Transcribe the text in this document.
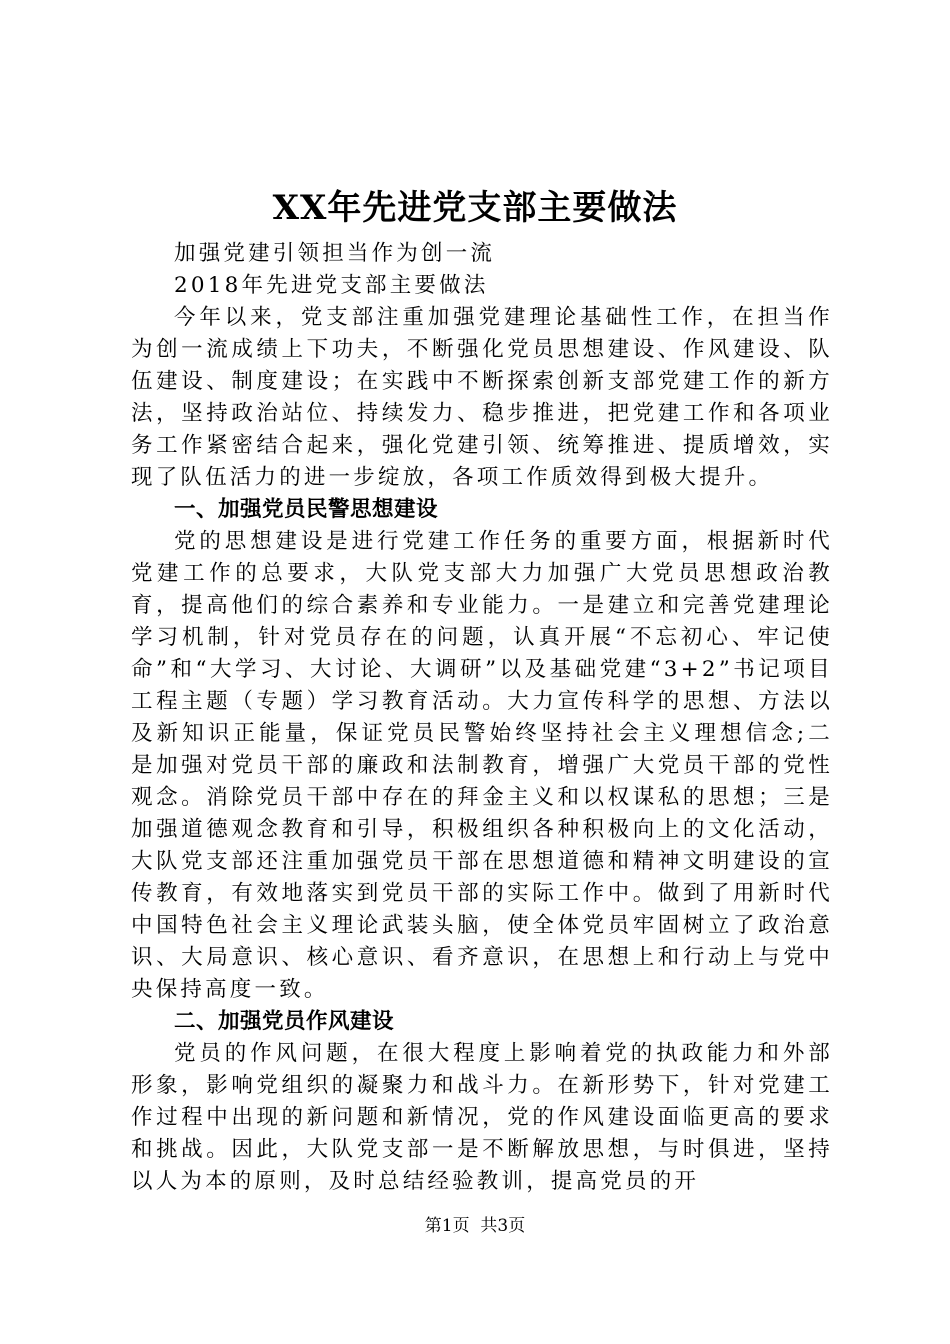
XX年先进党支部主要做法

加强党建引领担当作为创一流

2018年先进党支部主要做法

今年以来，党支部注重加强党建理论基础性工作，在担当作为创一流成绩上下功夫，不断强化党员思想建设、作风建设、队伍建设、制度建设；在实践中不断探索创新支部党建工作的新方法，坚持政治站位、持续发力、稳步推进，把党建工作和各项业务工作紧密结合起来，强化党建引领、统筹推进、提质增效，实现了队伍活力的进一步绽放，各项工作质效得到极大提升。

一、加强党员民警思想建设

党的思想建设是进行党建工作任务的重要方面，根据新时代党建工作的总要求，大队党支部大力加强广大党员思想政治教育，提高他们的综合素养和专业能力。一是建立和完善党建理论学习机制，针对党员存在的问题，认真开展“不忘初心、牢记使命”和“大学习、大讨论、大调研”以及基础党建“3+2”书记项目工程主题（专题）学习教育活动。大力宣传科学的思想、方法以及新知识正能量，保证党员民警始终坚持社会主义理想信念;二是加强对党员干部的廉政和法制教育，增强广大党员干部的党性观念。消除党员干部中存在的拜金主义和以权谋私的思想；三是加强道德观念教育和引导，积极组织各种积极向上的文化活动，大队党支部还注重加强党员干部在思想道德和精神文明建设的宣传教育，有效地落实到党员干部的实际工作中。做到了用新时代中国特色社会主义理论武装头脑，使全体党员牢固树立了政治意识、大局意识、核心意识、看齐意识，在思想上和行动上与党中央保持高度一致。

二、加强党员作风建设

党员的作风问题，在很大程度上影响着党的执政能力和外部形象，影响党组织的凝聚力和战斗力。在新形势下，针对党建工作过程中出现的新问题和新情况，党的作风建设面临更高的要求和挑战。因此，大队党支部一是不断解放思想，与时俱进，坚持以人为本的原则，及时总结经验教训，提高党员的开

第1页  共3页
